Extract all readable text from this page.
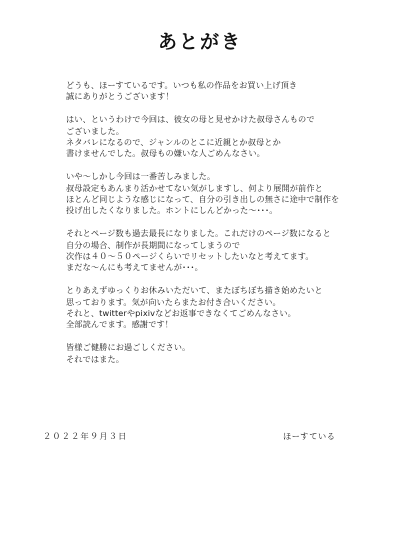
あとがき

どうも、ほーすているです。いつも私の作品をお買い上げ頂き
誠にありがとうございます！

はい、というわけで今回は、彼女の母と見せかけた叔母さんもので
ございました。
ネタバレになるので、ジャンルのとこに近親とか叔母とか
書けませんでした。叔母もの嫌いな人ごめんなさい。

いや～しかし今回は一番苦しみました。
叔母設定もあんまり活かせてない気がしますし、何より展開が前作と
ほとんど同じような感じになって、自分の引き出しの無さに途中で制作を
投げ出したくなりました。ホントにしんどかった～･･･。

それとページ数も過去最長になりました。これだけのページ数になると
自分の場合、制作が長期間になってしまうので
次作は４０～５０ページくらいでリセットしたいなと考えてます。
まだな～んにも考えてませんが･･･。

とりあえずゆっくりお休みいただいて、またぼちぼち描き始めたいと
思っております。気が向いたらまたお付き合いください。
それと、twitterやpixivなどお返事できなくてごめんなさい。
全部読んでます。感謝です！

皆様ご健勝にお過ごしください。
それではまた。

２０２２年９月３日	ほーすている
